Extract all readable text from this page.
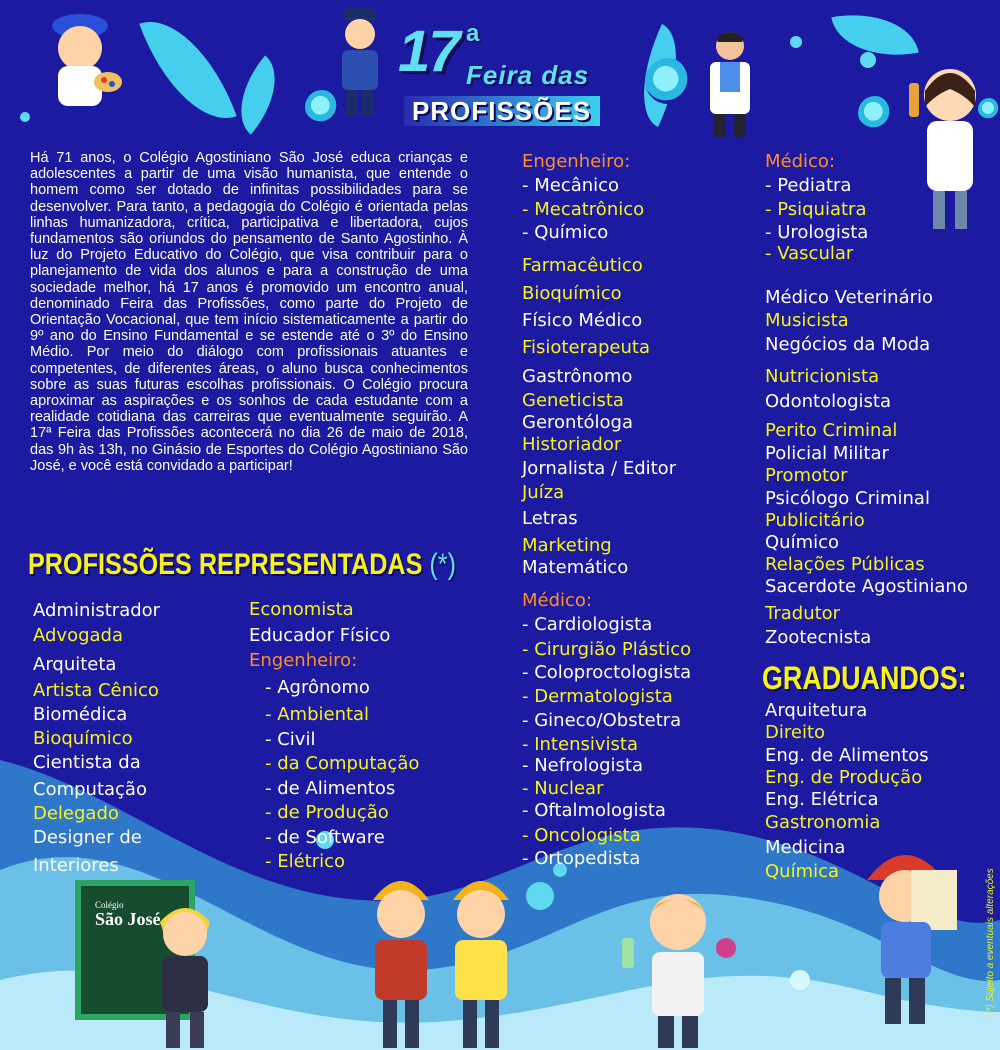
Colégio
São José
17 a
Feira das
PROFISSÕES

Há 71 anos, o Colégio Agostiniano São José educa crianças e adolescentes a partir de uma visão humanista, que entende o homem como ser dotado de infinitas possibilidades para se desenvolver. Para tanto, a pedagogia do Colégio é orientada pelas linhas humanizadora, crítica, participativa e libertadora, cujos fundamentos são oriundos do pensamento de Santo Agostinho. À luz do Projeto Educativo do Colégio, que visa contribuir para o planejamento de vida dos alunos e para a construção de uma sociedade melhor, há 17 anos é promovido um encontro anual, denominado Feira das Profissões, como parte do Projeto de Orientação Vocacional, que tem início sistematicamente a partir do 9º ano do Ensino Fundamental e se estende até o 3º do Ensino Médio. Por meio do diálogo com profissionais atuantes e competentes, de diferentes áreas, o aluno busca conhecimentos sobre as suas futuras escolhas profissionais. O Colégio procura aproximar as aspirações e os sonhos de cada estudante com a realidade cotidiana das carreiras que eventualmente seguirão. A 17ª Feira das Profissões acontecerá no dia 26 de maio de 2018, das 9h às 13h, no Ginásio de Esportes do Colégio Agostiniano São José, e você está convidado a participar!

PROFISSÕES REPRESENTADAS (*)
GRADUANDOS:
Administrador
Advogada
Arquiteta
Artista Cênico
Biomédica
Bioquímico
Cientista da
Computação
Delegado
Designer de
Interiores
Economista
Educador Físico
Engenheiro:
- Agrônomo
- Ambiental
- Civil
- da Computação
- de Alimentos
- de Produção
- de Software
- Elétrico
Engenheiro:
- Mecânico
- Mecatrônico
- Químico
Farmacêutico
Bioquímico
Físico Médico
Fisioterapeuta
Gastrônomo
Geneticista
Gerontóloga
Historiador
Jornalista / Editor
Juíza
Letras
Marketing
Matemático
Médico:
- Cardiologista
- Cirurgião Plástico
- Coloproctologista
- Dermatologista
- Gineco/Obstetra
- Intensivista
- Nefrologista
- Nuclear
- Oftalmologista
- Oncologista
- Ortopedista
Médico:
- Pediatra
- Psiquiatra
- Urologista
- Vascular
Médico Veterinário
Musicista
Negócios da Moda
Nutricionista
Odontologista
Perito Criminal
Policial Militar
Promotor
Psicólogo Criminal
Publicitário
Químico
Relações Públicas
Sacerdote Agostiniano
Tradutor
Zootecnista
Arquitetura
Direito
Eng. de Alimentos
Eng. de Produção
Eng. Elétrica
Gastronomia
Medicina
Química	(*) Sujeito a eventuais alterações
